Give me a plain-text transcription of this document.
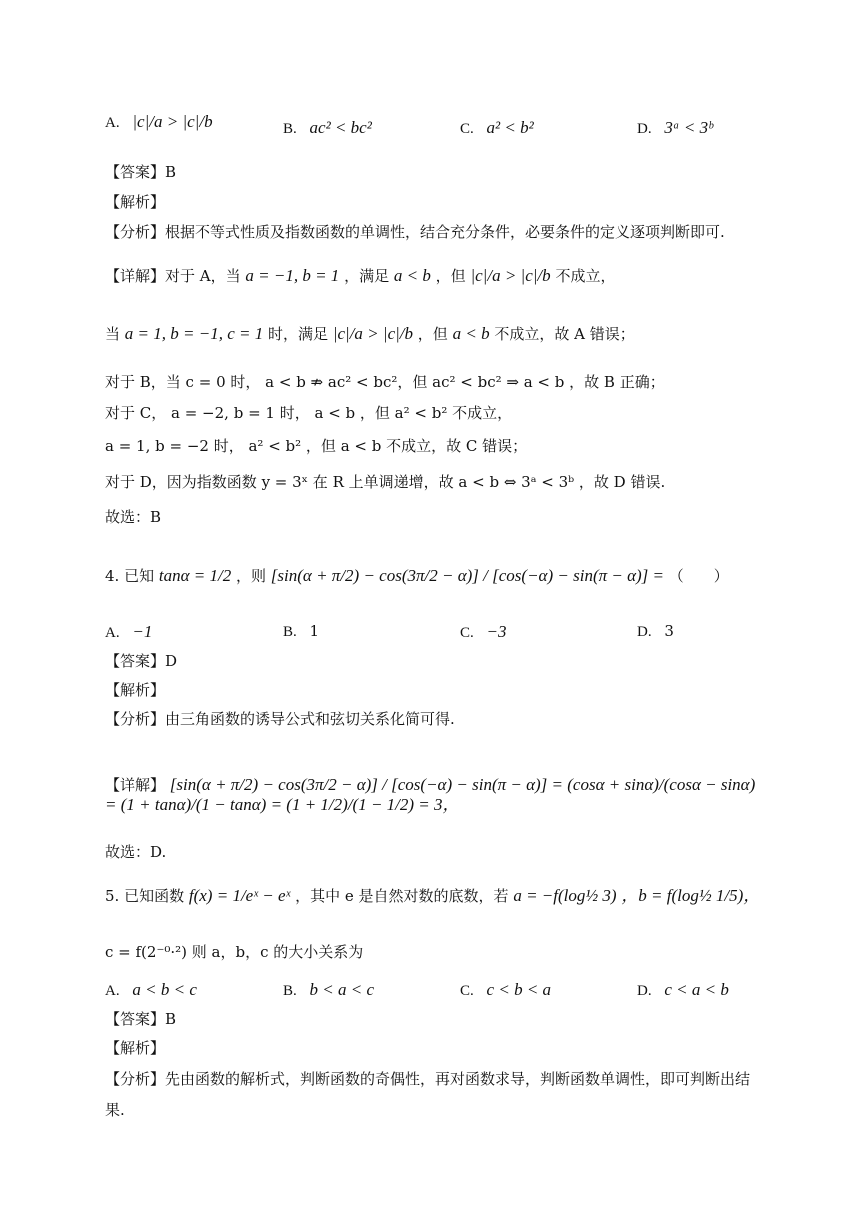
A. |c|/a > |c|/b	B. ac² < bc²	C. a² < b²	D. 3ᵃ < 3ᵇ
【答案】B
【解析】
【分析】根据不等式性质及指数函数的单调性，结合充分条件，必要条件的定义逐项判断即可.
【详解】对于 A，当 a = −1, b = 1 ，满足 a < b ，但 |c|/a > |c|/b 不成立，
当 a = 1, b = −1, c = 1 时，满足 |c|/a > |c|/b ，但 a < b 不成立，故 A 错误；
对于 B，当 c = 0 时， a < b ⇏ ac² < bc²，但 ac² < bc² ⇒ a < b ，故 B 正确；
对于 C， a = −2, b = 1 时， a < b ，但 a² < b² 不成立，
a = 1, b = −2 时， a² < b² ，但 a < b 不成立，故 C 错误；
对于 D，因为指数函数 y = 3ˣ 在 R 上单调递增，故 a < b ⇔ 3ᵃ < 3ᵇ ，故 D 错误.
故选：B
4. 已知 tanα = 1/2 ，则 [sin(α + π/2) − cos(3π/2 − α)] / [cos(−α) − sin(π − α)] = （　　）
A. −1	B. 1	C. −3	D. 3
【答案】D
【解析】
【分析】由三角函数的诱导公式和弦切关系化简可得.
【详解】 [sin(α + π/2) − cos(3π/2 − α)] / [cos(−α) − sin(π − α)] = (cosα + sinα)/(cosα − sinα) = (1 + tanα)/(1 − tanα) = (1 + 1/2)/(1 − 1/2) = 3，
故选：D.
5. 已知函数 f(x) = 1/eˣ − eˣ ，其中 e 是自然对数的底数，若 a = −f(log½ 3) ，b = f(log½ 1/5)，
c = f(2⁻⁰·²) 则 a，b，c 的大小关系为
A. a < b < c	B. b < a < c	C. c < b < a	D. c < a < b
【答案】B
【解析】
【分析】先由函数的解析式，判断函数的奇偶性，再对函数求导，判断函数单调性，即可判断出结
果.
